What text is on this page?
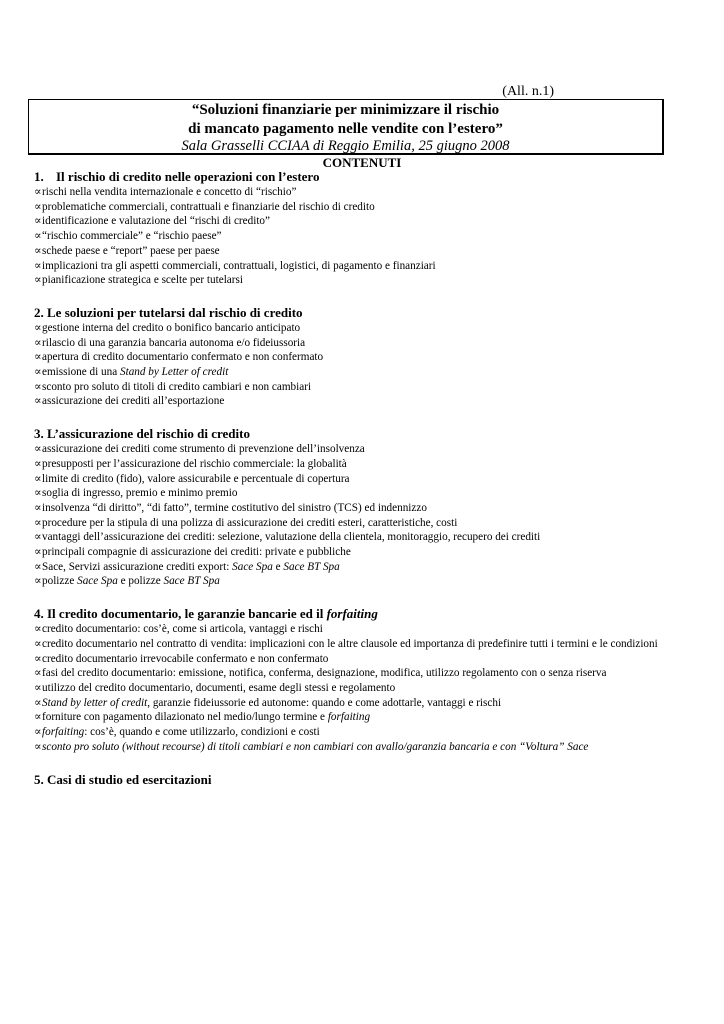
(All. n.1)
“Soluzioni finanziarie per minimizzare il rischio
di mancato pagamento nelle vendite con l’estero”
Sala Grasselli CCIAA di Reggio Emilia, 25 giugno 2008
CONTENUTI
1. Il rischio di credito nelle operazioni con l’estero
∝ rischi nella vendita internazionale e concetto di “rischio”
∝ problematiche commerciali, contrattuali e finanziarie del rischio di credito
∝ identificazione e valutazione del “rischi di credito”
∝ “rischio commerciale” e “rischio paese”
∝ schede paese e “report” paese per paese
∝ implicazioni tra gli aspetti commerciali, contrattuali, logistici, di pagamento e finanziari
∝ pianificazione strategica e scelte per tutelarsi
2. Le soluzioni per tutelarsi dal rischio di credito
∝ gestione interna del credito o bonifico bancario anticipato
∝ rilascio di una garanzia bancaria autonoma e/o fideiussoria
∝ apertura di credito documentario confermato e non confermato
∝ emissione di una Stand by Letter of credit
∝ sconto pro soluto di titoli di credito cambiari e non cambiari
∝ assicurazione dei crediti all’esportazione
3. L’assicurazione del rischio di credito
∝ assicurazione dei crediti come strumento di prevenzione dell’insolvenza
∝ presupposti per l’assicurazione del rischio commerciale: la globalità
∝ limite di credito (fido), valore assicurabile e percentuale di copertura
∝ soglia di ingresso, premio e minimo premio
∝ insolvenza “di diritto”, “di fatto”, termine costitutivo del sinistro (TCS) ed indennizzo
∝ procedure per la stipula di una polizza di assicurazione dei crediti esteri, caratteristiche, costi
∝ vantaggi dell’assicurazione dei crediti: selezione, valutazione della clientela, monitoraggio, recupero dei crediti
∝ principali compagnie di assicurazione dei crediti: private e pubbliche
∝ Sace, Servizi assicurazione crediti export: Sace Spa e Sace BT Spa
∝ polizze Sace Spa e polizze Sace BT Spa
4. Il credito documentario, le garanzie bancarie ed il forfaiting
∝ credito documentario: cos’è, come si articola, vantaggi e rischi
∝ credito documentario nel contratto di vendita: implicazioni con le altre clausole ed importanza di predefinire tutti i termini e le condizioni
∝ credito documentario irrevocabile confermato e non confermato
∝ fasi del credito documentario: emissione, notifica, conferma, designazione, modifica, utilizzo regolamento con o senza riserva
∝ utilizzo del credito documentario, documenti, esame degli stessi e regolamento
∝ Stand by letter of credit, garanzie fideiussorie ed autonome: quando e come adottarle, vantaggi e rischi
∝ forniture con pagamento dilazionato nel medio/lungo termine e forfaiting
∝ forfaiting: cos’è, quando e come utilizzarlo, condizioni e costi
∝ sconto pro soluto (without recourse) di titoli cambiari e non cambiari con avallo/garanzia bancaria e con “Voltura” Sace
5. Casi di studio ed esercitazioni
